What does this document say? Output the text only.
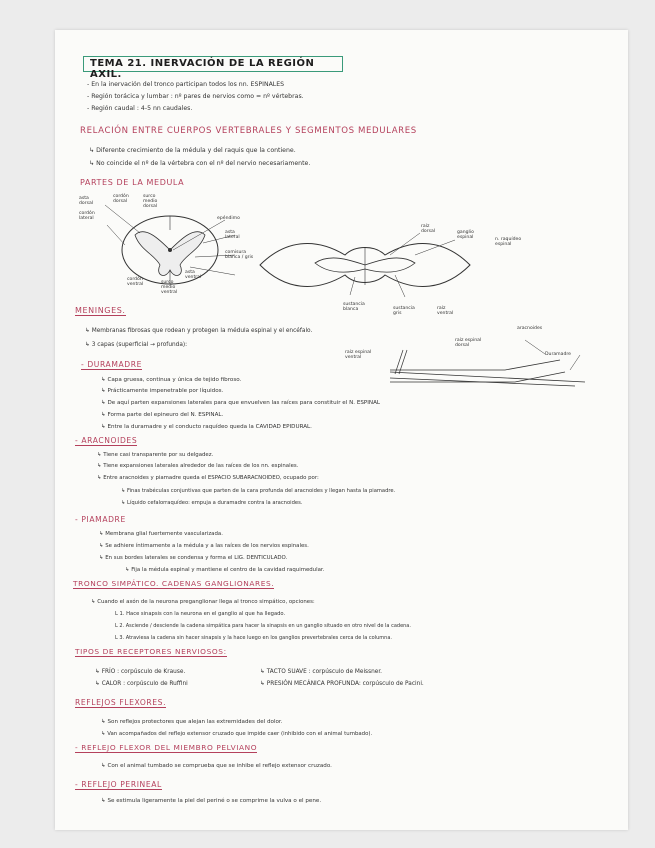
TEMA 21. INERVACIÓN DE LA REGIÓN AXIL.
- En la inervación del tronco participan todos los nn. ESPINALES
- Región torácica y lumbar : nº pares de nervios como = nº vértebras.
- Región caudal : 4-5 nn caudales.
RELACIÓN ENTRE CUERPOS VERTEBRALES Y SEGMENTOS MEDULARES
↳ Diferente crecimiento de la médula y del raquis que la contiene.
↳ No coincide el nº de la vértebra con el nº del nervio necesariamente.
PARTES DE LA MEDULA
asta dorsal
cordón dorsal
surco medio dorsal
cordón lateral	epéndimo
asta lateral
comisura blanca / gris
cordón ventral	surco medio ventral
asta ventral
raíz dorsal	ganglio espinal	n. raquídeo espinal
sustancia blanca	sustancia gris
raíz ventral
MENINGES.
↳ Membranas fibrosas que rodean y protegen la médula espinal y el encéfalo.
↳ 3 capas (superficial → profunda):
aracnoides
raíz espinal dorsal
raíz espinal ventral
Duramadre
- DURAMADRE
↳ Capa gruesa, continua y única de tejido fibroso.
↳ Prácticamente impenetrable por líquidos.
↳ De aquí parten expansiones laterales para que envuelven las raíces para constituir el N. ESPINAL
↳ Forma parte del epineuro del N. ESPINAL.
↳ Entre la duramadre y el conducto raquídeo queda la CAVIDAD EPIDURAL.
- ARACNOIDES
↳ Tiene casi transparente por su delgadez.
↳ Tiene expansiones laterales alrededor de las raíces de los nn. espinales.
↳ Entre aracnoides y piamadre queda el ESPACIO SUBARACNOIDEO, ocupado por:
↳ Finas trabéculas conjuntivas que parten de la cara profunda del aracnoides y llegan hasta la piamadre.
↳ Líquido cefalorraquídeo: empuja a duramadre contra la aracnoides.
- PIAMADRE
↳ Membrana glial fuertemente vascularizada.
↳ Se adhiere íntimamente a la médula y a las raíces de los nervios espinales.
↳ En sus bordes laterales se condensa y forma el LIG. DENTICULADO.
↳ Fija la médula espinal y mantiene el centro de la cavidad raquimedular.
TRONCO SIMPÁTICO. CADENAS GANGLIONARES.
↳ Cuando el axón de la neurona preganglionar llega al tronco simpático, opciones:
L 1. Hace sinapsis con la neurona en el ganglio al que ha llegado.
L 2. Asciende / desciende la cadena simpática para hacer la sinapsis en un ganglio situado en otro nivel de la cadena.
L 3. Atraviesa la cadena sin hacer sinapsis y la hace luego en los ganglios prevertebrales cerca de la columna.
TIPOS DE RECEPTORES NERVIOSOS:
↳ FRÍO : corpúsculo de Krause.
↳ CALOR : corpúsculo de Ruffini
↳ TACTO SUAVE : corpúsculo de Meissner.
↳ PRESIÓN MECÁNICA PROFUNDA: corpúsculo de Pacini.
REFLEJOS FLEXORES.
↳ Son reflejos protectores que alejan las extremidades del dolor.
↳ Van acompañados del reflejo extensor cruzado que impide caer (inhibido con el animal tumbado).
- REFLEJO FLEXOR DEL MIEMBRO PELVIANO
↳ Con el animal tumbado se comprueba que se inhibe el reflejo extensor cruzado.
- REFLEJO PERINEAL
↳ Se estimula ligeramente la piel del periné o se comprime la vulva o el pene.
